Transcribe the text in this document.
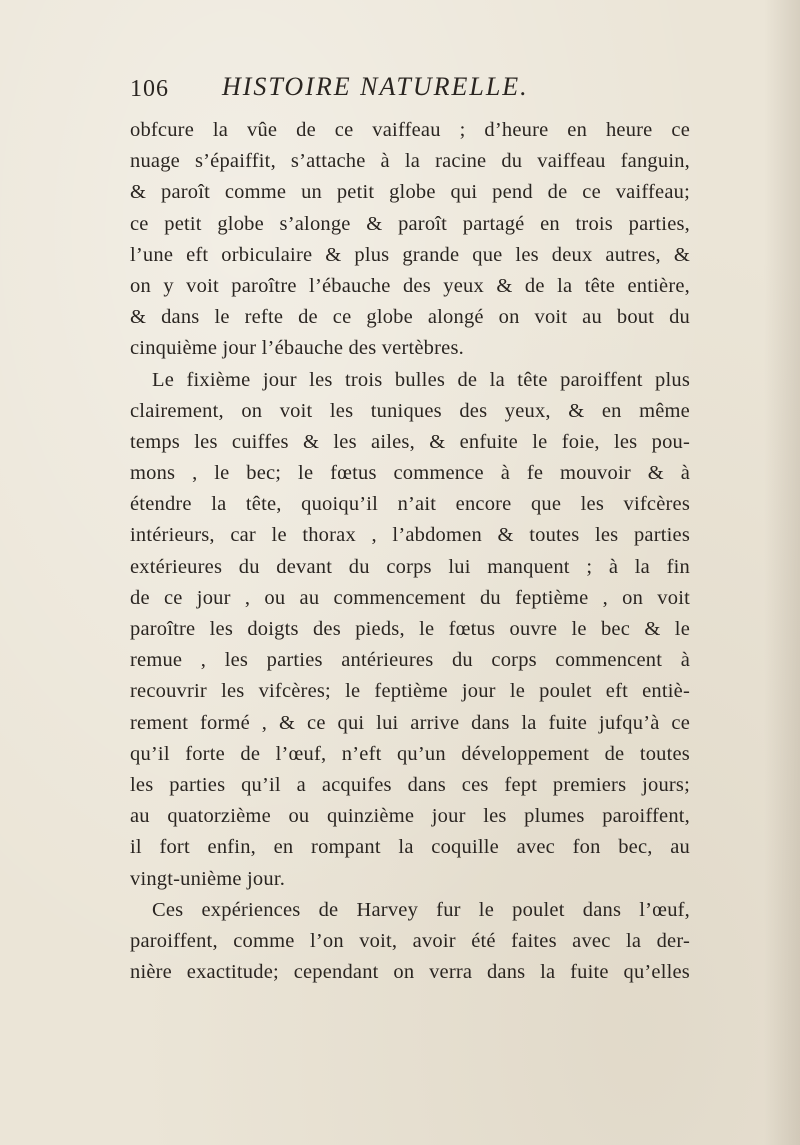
106 HISTOIRE NATURELLE.
obfcure la vûe de ce vaiffeau ; d’heure en heure ce
nuage s’épaiffit, s’attache à la racine du vaiffeau fanguin,
& paroît comme un petit globe qui pend de ce vaiffeau;
ce petit globe s’alonge & paroît partagé en trois parties,
l’une eft orbiculaire & plus grande que les deux autres, &
on y voit paroître l’ébauche des yeux & de la tête entière,
& dans le refte de ce globe alongé on voit au bout du
cinquième jour l’ébauche des vertèbres.
Le fixième jour les trois bulles de la tête paroiffent plus
clairement, on voit les tuniques des yeux, & en même
temps les cuiffes & les ailes, & enfuite le foie, les pou-
mons , le bec; le fœtus commence à fe mouvoir & à
étendre la tête, quoiqu’il n’ait encore que les vifcères
intérieurs, car le thorax , l’abdomen & toutes les parties
extérieures du devant du corps lui manquent ; à la fin
de ce jour , ou au commencement du feptième , on voit
paroître les doigts des pieds, le fœtus ouvre le bec & le
remue , les parties antérieures du corps commencent à
recouvrir les vifcères; le feptième jour le poulet eft entiè-
rement formé , & ce qui lui arrive dans la fuite jufqu’à ce
qu’il forte de l’œuf, n’eft qu’un développement de toutes
les parties qu’il a acquifes dans ces fept premiers jours;
au quatorzième ou quinzième jour les plumes paroiffent,
il fort enfin, en rompant la coquille avec fon bec, au
vingt-unième jour.
Ces expériences de Harvey fur le poulet dans l’œuf,
paroiffent, comme l’on voit, avoir été faites avec la der-
nière exactitude; cependant on verra dans la fuite qu’elles
